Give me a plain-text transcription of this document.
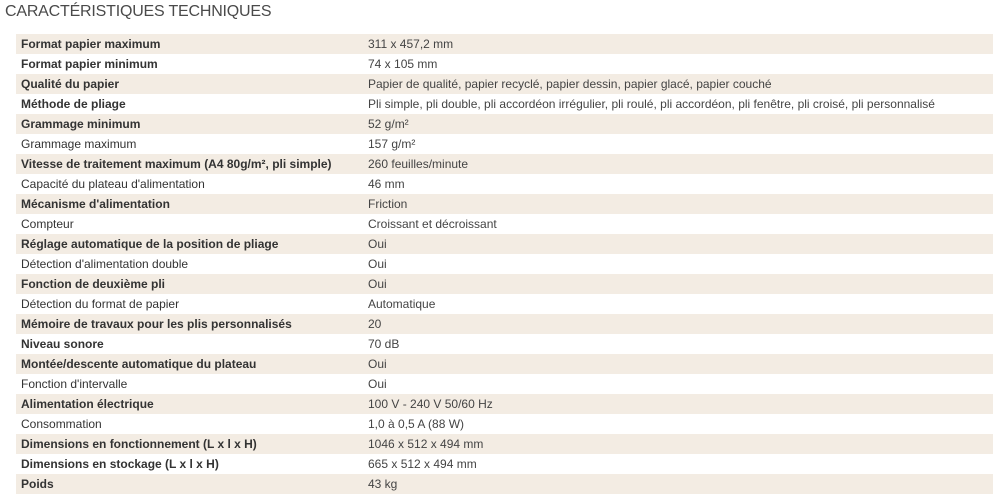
CARACTÉRISTIQUES TECHNIQUES
Format papier maximum	311 x 457,2 mm
Format papier minimum	74 x 105 mm
Qualité du papier	Papier de qualité, papier recyclé, papier dessin, papier glacé, papier couché
Méthode de pliage	Pli simple, pli double, pli accordéon irrégulier, pli roulé, pli accordéon, pli fenêtre, pli croisé, pli personnalisé
Grammage minimum	52 g/m²
Grammage maximum	157 g/m²
Vitesse de traitement maximum (A4 80g/m², pli simple)	260 feuilles/minute
Capacité du plateau d'alimentation	46 mm
Mécanisme d'alimentation	Friction
Compteur	Croissant et décroissant
Réglage automatique de la position de pliage	Oui
Détection d'alimentation double	Oui
Fonction de deuxième pli	Oui
Détection du format de papier	Automatique
Mémoire de travaux pour les plis personnalisés	20
Niveau sonore	70 dB
Montée/descente automatique du plateau	Oui
Fonction d'intervalle	Oui
Alimentation électrique	100 V - 240 V 50/60 Hz
Consommation	1,0 à 0,5 A (88 W)
Dimensions en fonctionnement (L x l x H)	1046 x 512 x 494 mm
Dimensions en stockage (L x l x H)	665 x 512 x 494 mm
Poids	43 kg
